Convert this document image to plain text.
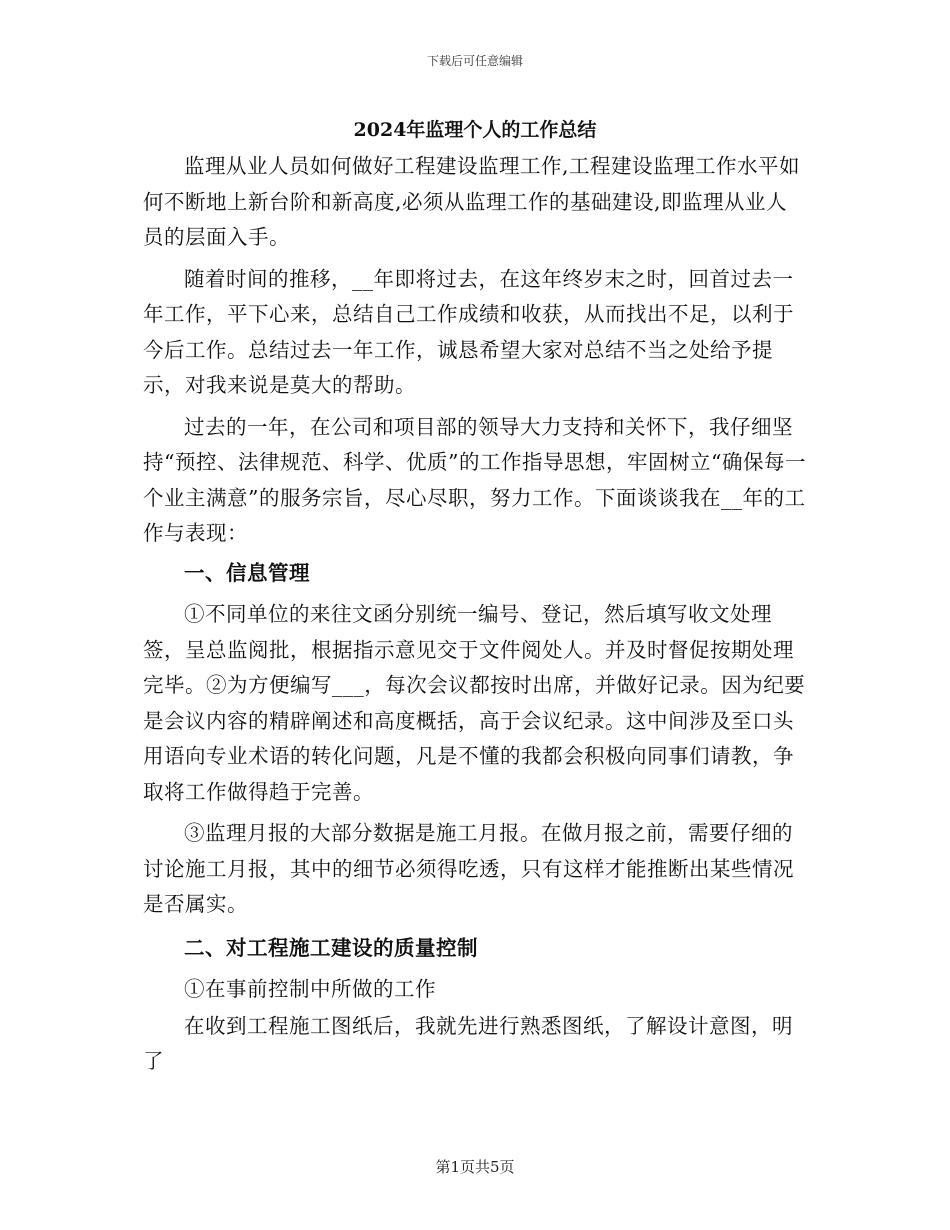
下载后可任意编辑
2024年监理个人的工作总结

监理从业人员如何做好工程建设监理工作,工程建设监理工作水平如何不断地上新台阶和新高度,必须从监理工作的基础建设,即监理从业人员的层面入手。

随着时间的推移，__年即将过去，在这年终岁末之时，回首过去一年工作，平下心来，总结自己工作成绩和收获，从而找出不足，以利于今后工作。总结过去一年工作，诚恳希望大家对总结不当之处给予提示，对我来说是莫大的帮助。

过去的一年，在公司和项目部的领导大力支持和关怀下，我仔细坚持“预控、法律规范、科学、优质”的工作指导思想，牢固树立“确保每一个业主满意”的服务宗旨，尽心尽职，努力工作。下面谈谈我在__年的工作与表现：

一、信息管理

①不同单位的来往文函分别统一编号、登记，然后填写收文处理签，呈总监阅批，根据指示意见交于文件阅处人。并及时督促按期处理完毕。②为方便编写___，每次会议都按时出席，并做好记录。因为纪要是会议内容的精辟阐述和高度概括，高于会议纪录。这中间涉及至口头用语向专业术语的转化问题，凡是不懂的我都会积极向同事们请教，争取将工作做得趋于完善。

③监理月报的大部分数据是施工月报。在做月报之前，需要仔细的讨论施工月报，其中的细节必须得吃透，只有这样才能推断出某些情况是否属实。

二、对工程施工建设的质量控制

①在事前控制中所做的工作

在收到工程施工图纸后，我就先进行熟悉图纸，了解设计意图，明了

第1页共5页
